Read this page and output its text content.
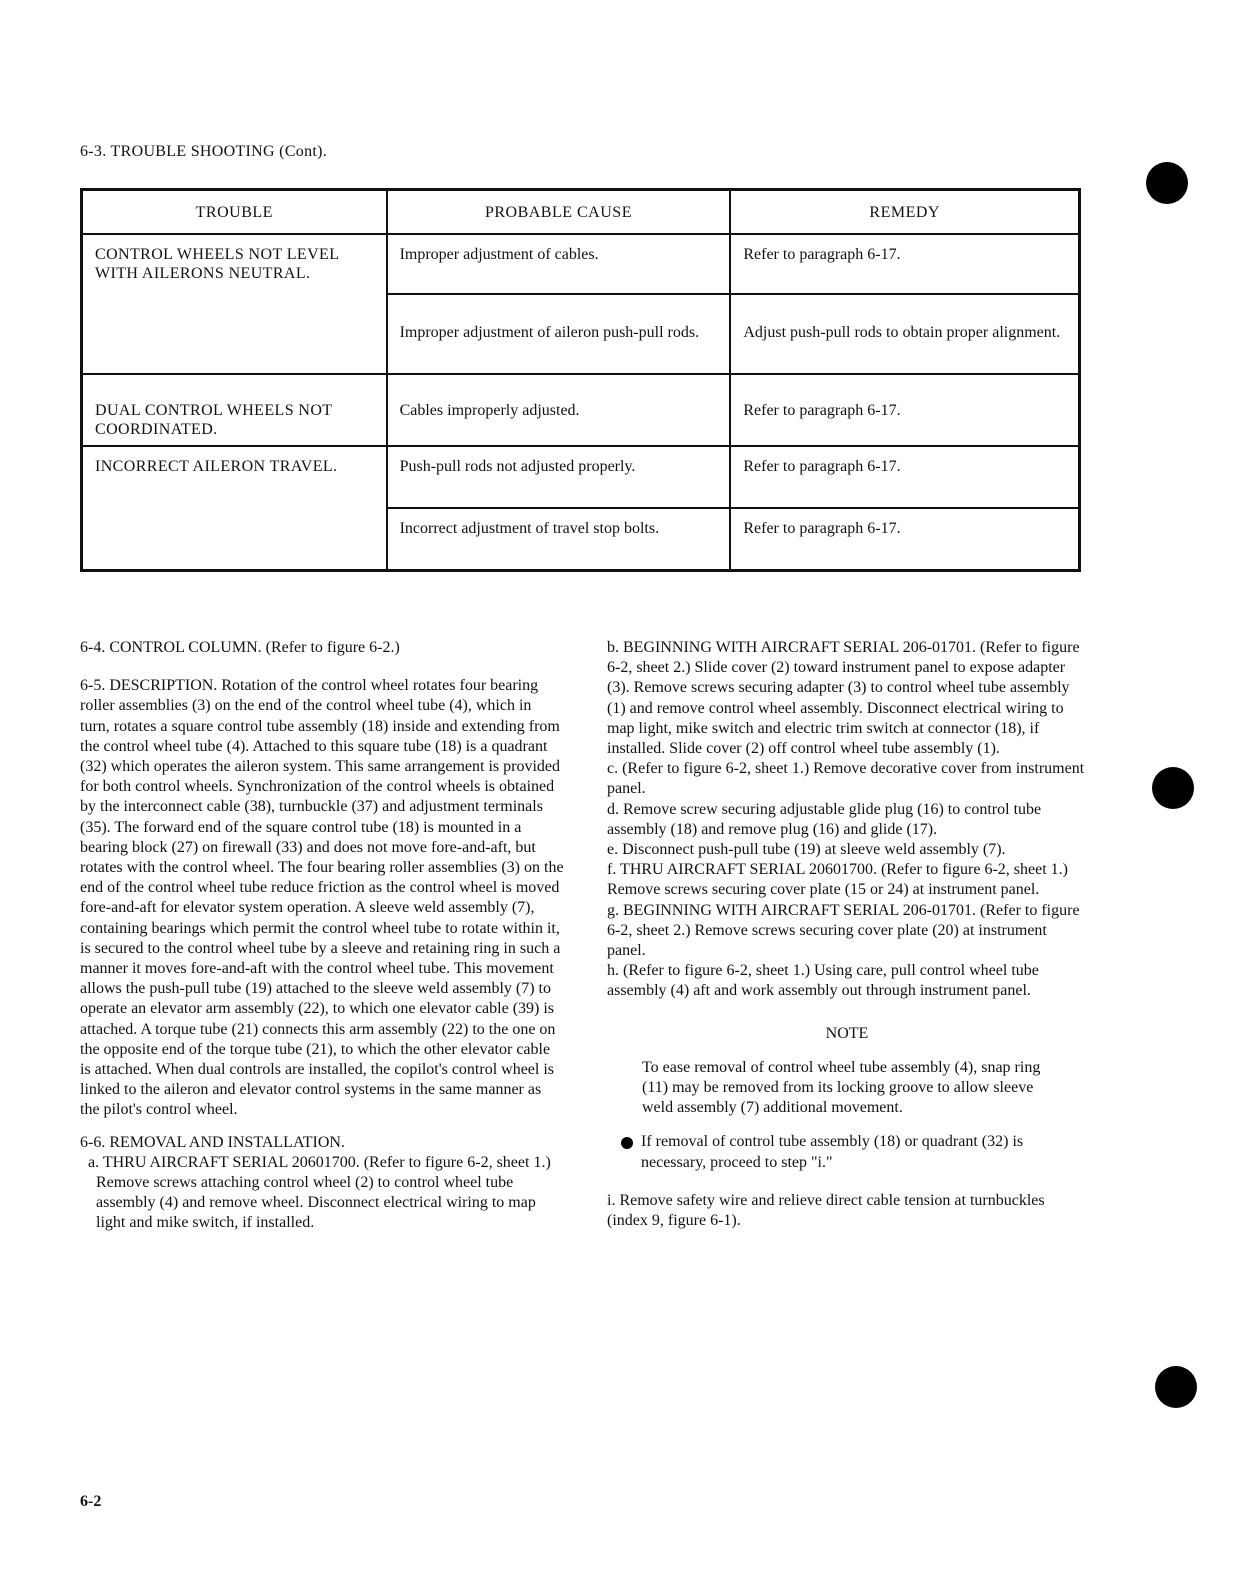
6-3. TROUBLE SHOOTING (Cont).
TROUBLE	PROBABLE CAUSE	REMEDY
CONTROL WHEELS NOT LEVEL WITH AILERONS NEUTRAL.	Improper adjustment of cables.	Refer to paragraph 6-17.
	Improper adjustment of aileron push-pull rods.	Adjust push-pull rods to obtain proper alignment.
DUAL CONTROL WHEELS NOT COORDINATED.	Cables improperly adjusted.	Refer to paragraph 6-17.
INCORRECT AILERON TRAVEL.	Push-pull rods not adjusted properly.	Refer to paragraph 6-17.
	Incorrect adjustment of travel stop bolts.	Refer to paragraph 6-17.

6-4. CONTROL COLUMN. (Refer to figure 6-2.)

6-5. DESCRIPTION. Rotation of the control wheel rotates four bearing roller assemblies (3) on the end of the control wheel tube (4), which in turn, rotates a square control tube assembly (18) inside and extending from the control wheel tube (4). Attached to this square tube (18) is a quadrant (32) which operates the aileron system. This same arrangement is provided for both control wheels. Synchronization of the control wheels is obtained by the interconnect cable (38), turnbuckle (37) and adjustment terminals (35). The forward end of the square control tube (18) is mounted in a bearing block (27) on firewall (33) and does not move fore-and-aft, but rotates with the control wheel. The four bearing roller assemblies (3) on the end of the control wheel tube reduce friction as the control wheel is moved fore-and-aft for elevator system operation. A sleeve weld assembly (7), containing bearings which permit the control wheel tube to rotate within it, is secured to the control wheel tube by a sleeve and retaining ring in such a manner it moves fore-and-aft with the control wheel tube. This movement allows the push-pull tube (19) attached to the sleeve weld assembly (7) to operate an elevator arm assembly (22), to which one elevator cable (39) is attached. A torque tube (21) connects this arm assembly (22) to the one on the opposite end of the torque tube (21), to which the other elevator cable is attached. When dual controls are installed, the copilot's control wheel is linked to the aileron and elevator control systems in the same manner as the pilot's control wheel.

6-6. REMOVAL AND INSTALLATION.

a. THRU AIRCRAFT SERIAL 20601700. (Refer to figure 6-2, sheet 1.) Remove screws attaching control wheel (2) to control wheel tube assembly (4) and remove wheel. Disconnect electrical wiring to map light and mike switch, if installed.

b. BEGINNING WITH AIRCRAFT SERIAL 206-01701. (Refer to figure 6-2, sheet 2.) Slide cover (2) toward instrument panel to expose adapter (3). Remove screws securing adapter (3) to control wheel tube assembly (1) and remove control wheel assembly. Disconnect electrical wiring to map light, mike switch and electric trim switch at connector (18), if installed. Slide cover (2) off control wheel tube assembly (1).

c. (Refer to figure 6-2, sheet 1.) Remove decorative cover from instrument panel.

d. Remove screw securing adjustable glide plug (16) to control tube assembly (18) and remove plug (16) and glide (17).

e. Disconnect push-pull tube (19) at sleeve weld assembly (7).

f. THRU AIRCRAFT SERIAL 20601700. (Refer to figure 6-2, sheet 1.) Remove screws securing cover plate (15 or 24) at instrument panel.

g. BEGINNING WITH AIRCRAFT SERIAL 206-01701. (Refer to figure 6-2, sheet 2.) Remove screws securing cover plate (20) at instrument panel.

h. (Refer to figure 6-2, sheet 1.) Using care, pull control wheel tube assembly (4) aft and work assembly out through instrument panel.

NOTE

To ease removal of control wheel tube assembly (4), snap ring (11) may be removed from its locking groove to allow sleeve weld assembly (7) additional movement.

If removal of control tube assembly (18) or quadrant (32) is necessary, proceed to step "i."

i. Remove safety wire and relieve direct cable tension at turnbuckles (index 9, figure 6-1).

6-2
